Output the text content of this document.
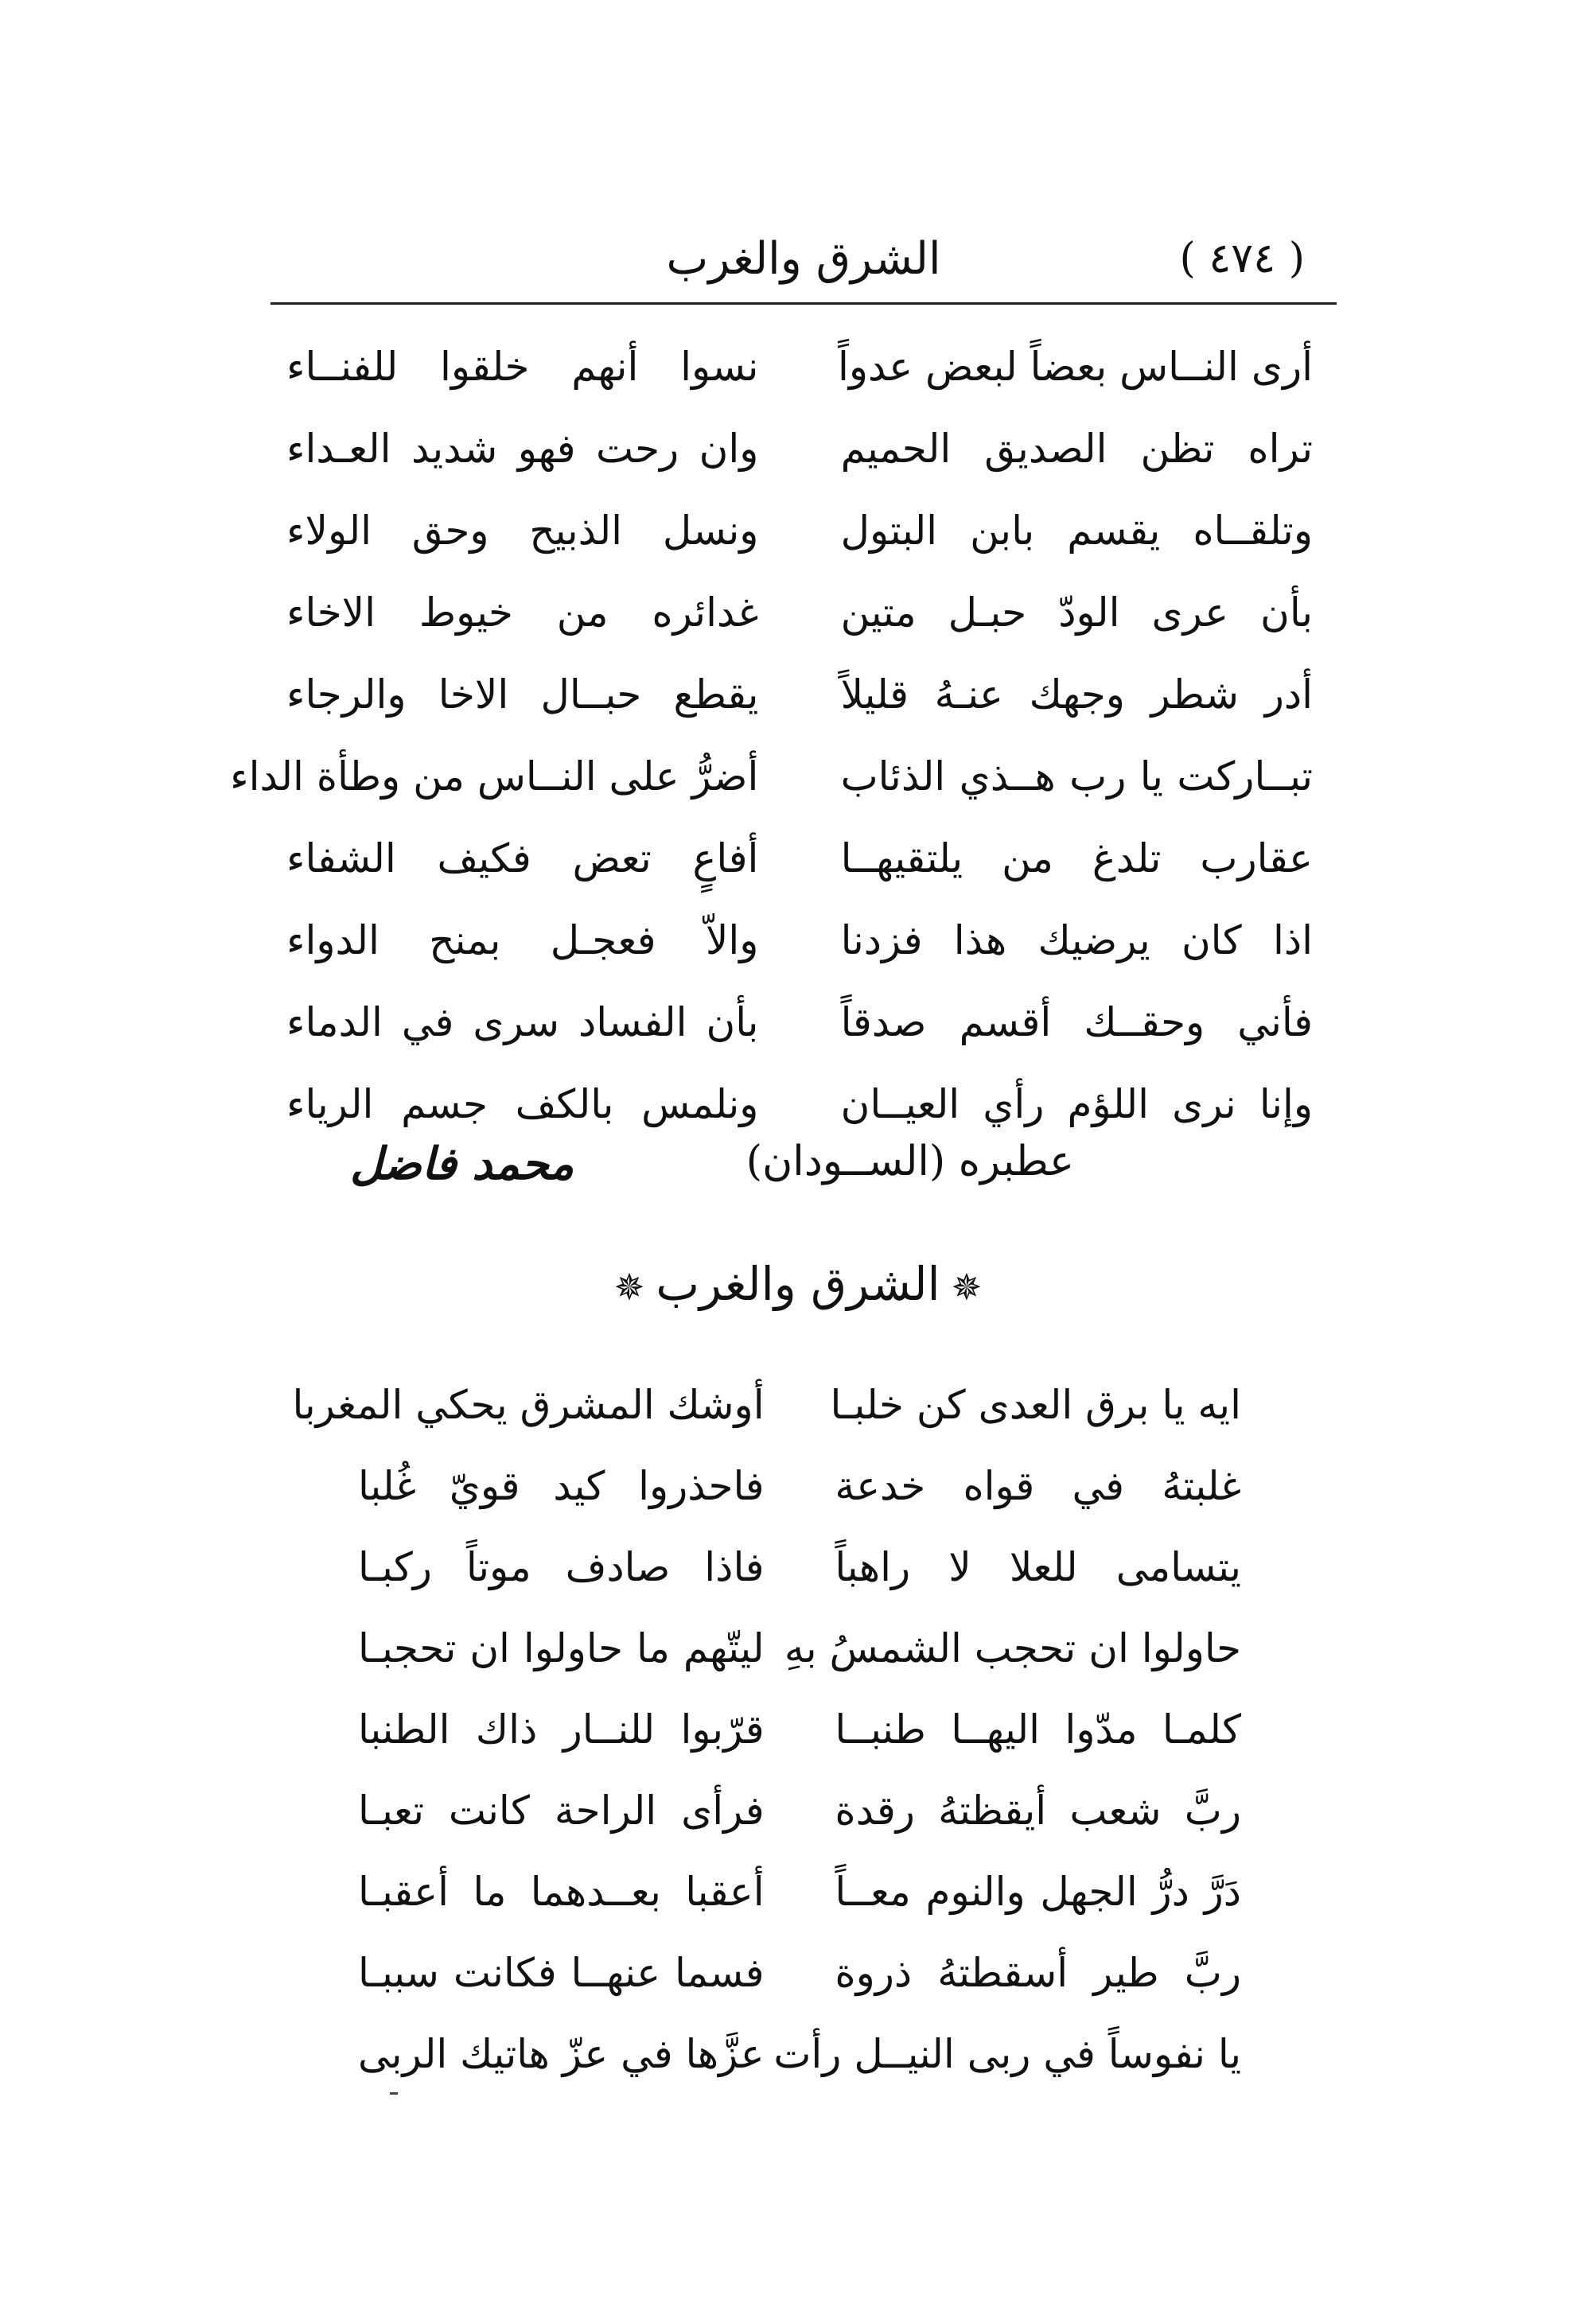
( ٤٧٤ )
الشرق والغرب
أرى النــاس بعضاً لبعض عدواً
نسوا أنهم خلقوا للفنــاء
تراه تظن الصديق الحميم
وان رحت فهو شديد العـداء
وتلقــاه يقسم بابن البتول
ونسل الذبيح وحق الولاء
بأن عرى الودّ حبـل متين
غدائره من خيوط الاخاء
أدر شطر وجهك عنـهُ قليلاً
يقطع حبــال الاخا والرجاء
تبــاركت يا رب هــذي الذئاب
أضرُّ على النــاس من وطأة الداء
عقارب تلدغ من يلتقيهــا
أفاعٍ تعض فكيف الشفاء
اذا كان يرضيك هذا فزدنا
والاّ فعجـل بمنح الدواء
فأني وحقــك أقسم صدقاً
بأن الفساد سرى في الدماء
وإنا نرى اللؤم رأي العيــان
ونلمس بالكف جسم الرياء
عطبره (الســودان)
محمد فاضل
✵الشرق والغرب✵
ايه يا برق العدى كن خلبـا
أوشك المشرق يحكي المغربا
غلبتهُ في قواه خدعة
فاحذروا كيد قويّ غُلبا
يتسامى للعلا لا راهباً
فاذا صادف موتاً ركبـا
حاولوا ان تحجب الشمسُ بهِ
ليتّهم ما حاولوا ان تحجبـا
كلمـا مدّوا اليهــا طنبــا
قرّبوا للنــار ذاك الطنبا
ربَّ شعب أيقظتهُ رقدة
فرأى الراحة كانت تعبـا
دَرَّ درُّ الجهل والنوم معــاً
أعقبا بعــدهما ما أعقبـا
ربَّ طير أسقطتهُ ذروة
فسما عنهــا فكانت سببـا
يا نفوساً في ربى النيــل رأت
عزَّها في عزّ هاتيك الربى
